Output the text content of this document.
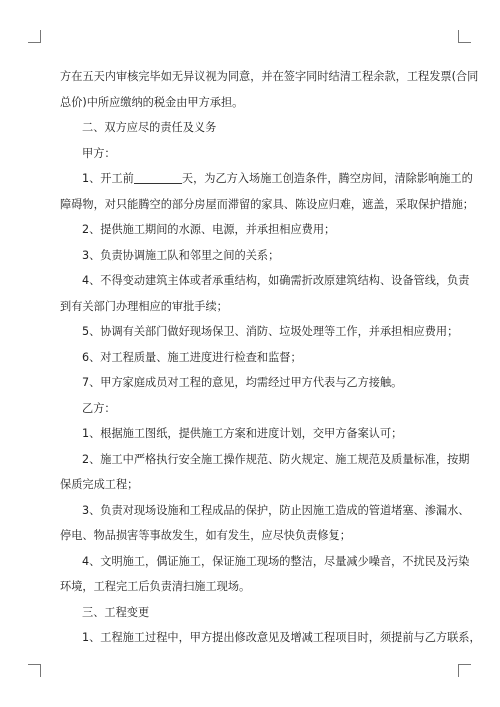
方在五天内审核完毕如无异议视为同意，并在签字同时结清工程余款，工程发票(合同
总价)中所应缴纳的税金由甲方承担。
二、双方应尽的责任及义务
甲方：
1、开工前	天，为乙方入场施工创造条件，腾空房间，清除影响施工的
障碍物，对只能腾空的部分房屋而滞留的家具、陈设应归难，遮盖，采取保护措施；
2、提供施工期间的水源、电源，并承担相应费用；
3、负责协调施工队和邻里之间的关系；
4、不得变动建筑主体或者承重结构，如确需折改原建筑结构、设备管线，负责
到有关部门办理相应的审批手续；
5、协调有关部门做好现场保卫、消防、垃圾处理等工作，并承担相应费用；
6、对工程质量、施工进度进行检查和监督；
7、甲方家庭成员对工程的意见，均需经过甲方代表与乙方接触。
乙方：
1、根据施工图纸，提供施工方案和进度计划，交甲方备案认可；
2、施工中严格执行安全施工操作规范、防火规定、施工规范及质量标准，按期
保质完成工程；
3、负责对现场设施和工程成品的保护，防止因施工造成的管道堵塞、渗漏水、
停电、物品损害等事故发生，如有发生，应尽快负责修复；
4、文明施工，偶证施工，保证施工现场的整洁，尽量减少噪音，不扰民及污染
环境，工程完工后负责清扫施工现场。
三、工程变更
1、工程施工过程中，甲方提出修改意见及增减工程项目时，须提前与乙方联系，
